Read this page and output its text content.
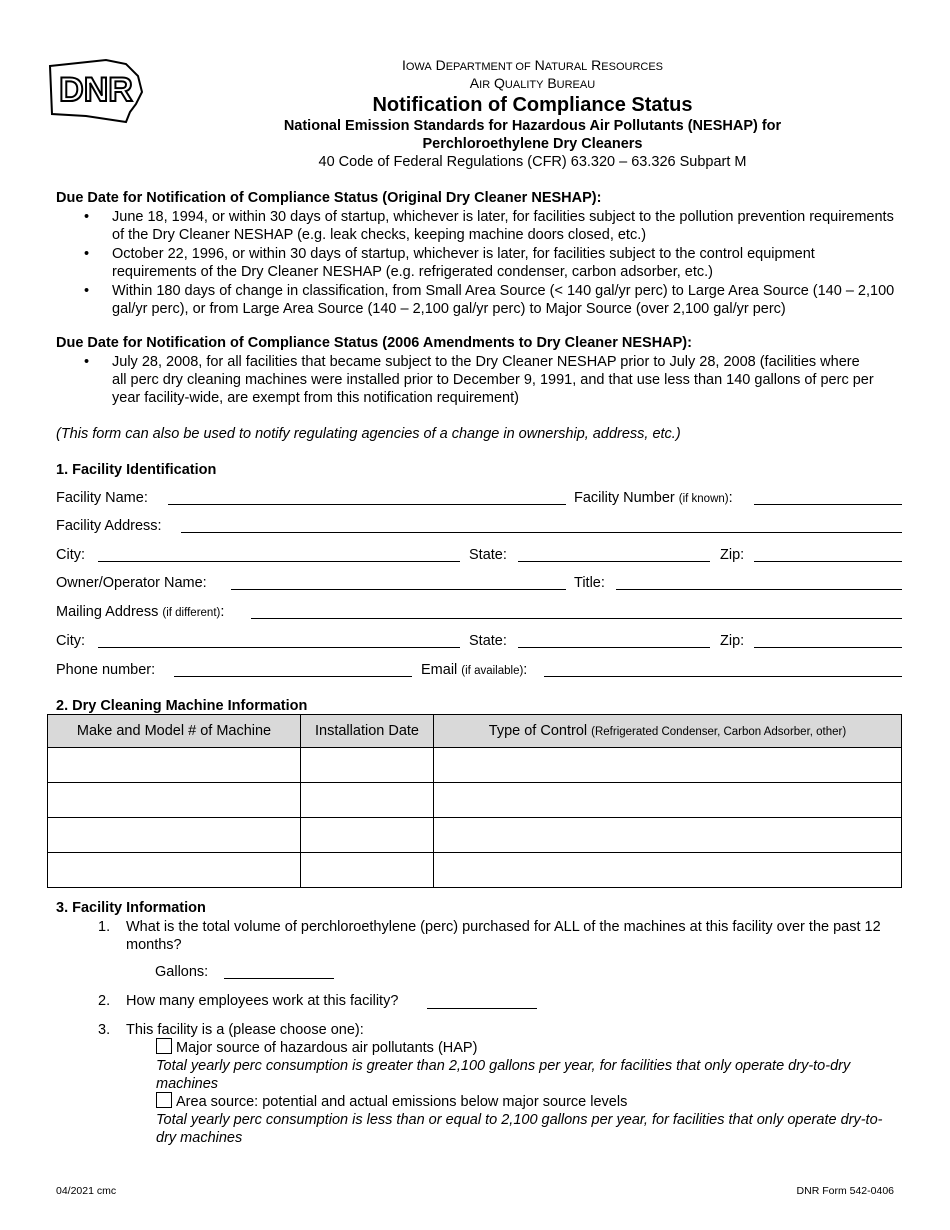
DNR
IOWA DEPARTMENT OF NATURAL RESOURCES
AIR QUALITY BUREAU
Notification of Compliance Status
National Emission Standards for Hazardous Air Pollutants (NESHAP) for
Perchloroethylene Dry Cleaners
40 Code of Federal Regulations (CFR) 63.320 – 63.326 Subpart M
Due Date for Notification of Compliance Status (Original Dry Cleaner NESHAP):
• June 18, 1994, or within 30 days of startup, whichever is later, for facilities subject to the pollution prevention requirements of the Dry Cleaner NESHAP (e.g. leak checks, keeping machine doors closed, etc.)
• October 22, 1996, or within 30 days of startup, whichever is later, for facilities subject to the control equipment requirements of the Dry Cleaner NESHAP (e.g. refrigerated condenser, carbon adsorber, etc.)
• Within 180 days of change in classification, from Small Area Source (< 140 gal/yr perc) to Large Area Source (140 – 2,100 gal/yr perc), or from Large Area Source (140 – 2,100 gal/yr perc) to Major Source (over 2,100 gal/yr perc)
Due Date for Notification of Compliance Status (2006 Amendments to Dry Cleaner NESHAP):
• July 28, 2008, for all facilities that became subject to the Dry Cleaner NESHAP prior to July 28, 2008 (facilities where all perc dry cleaning machines were installed prior to December 9, 1991, and that use less than 140 gallons of perc per year facility-wide, are exempt from this notification requirement)
(This form can also be used to notify regulating agencies of a change in ownership, address, etc.)
1. Facility Identification
Facility Name:	Facility Number (if known):
Facility Address:
City:	State:	Zip:
Owner/Operator Name:	Title:
Mailing Address (if different):
City:	State:	Zip:
Phone number:	Email (if available):
2. Dry Cleaning Machine Information
Make and Model # of Machine	Installation Date	Type of Control (Refrigerated Condenser, Carbon Adsorber, other)

3. Facility Information
1. What is the total volume of perchloroethylene (perc) purchased for ALL of the machines at this facility over the past 12 months?
Gallons:
2. How many employees work at this facility?
3. This facility is a (please choose one):
Major source of hazardous air pollutants (HAP)
Total yearly perc consumption is greater than 2,100 gallons per year, for facilities that only operate dry-to-dry machines
Area source: potential and actual emissions below major source levels
Total yearly perc consumption is less than or equal to 2,100 gallons per year, for facilities that only operate dry-to-dry machines
04/2021 cmc	DNR Form 542-0406
